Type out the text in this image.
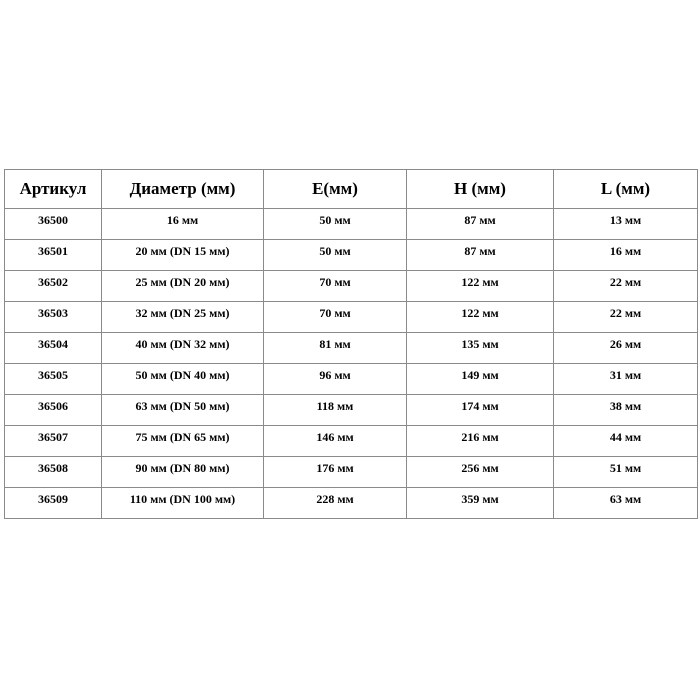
Артикул	Диаметр (мм)	E(мм)	H (мм)	L (мм)
36500	16 мм	50 мм	87 мм	13 мм
36501	20 мм (DN 15 мм)	50 мм	87 мм	16 мм
36502	25 мм (DN 20 мм)	70 мм	122 мм	22 мм
36503	32 мм (DN 25 мм)	70 мм	122 мм	22 мм
36504	40 мм (DN 32 мм)	81 мм	135 мм	26 мм
36505	50 мм (DN 40 мм)	96 мм	149 мм	31 мм
36506	63 мм (DN 50 мм)	118 мм	174 мм	38 мм
36507	75 мм (DN 65 мм)	146 мм	216 мм	44 мм
36508	90 мм (DN 80 мм)	176 мм	256 мм	51 мм
36509	110 мм (DN 100 мм)	228 мм	359 мм	63 мм
